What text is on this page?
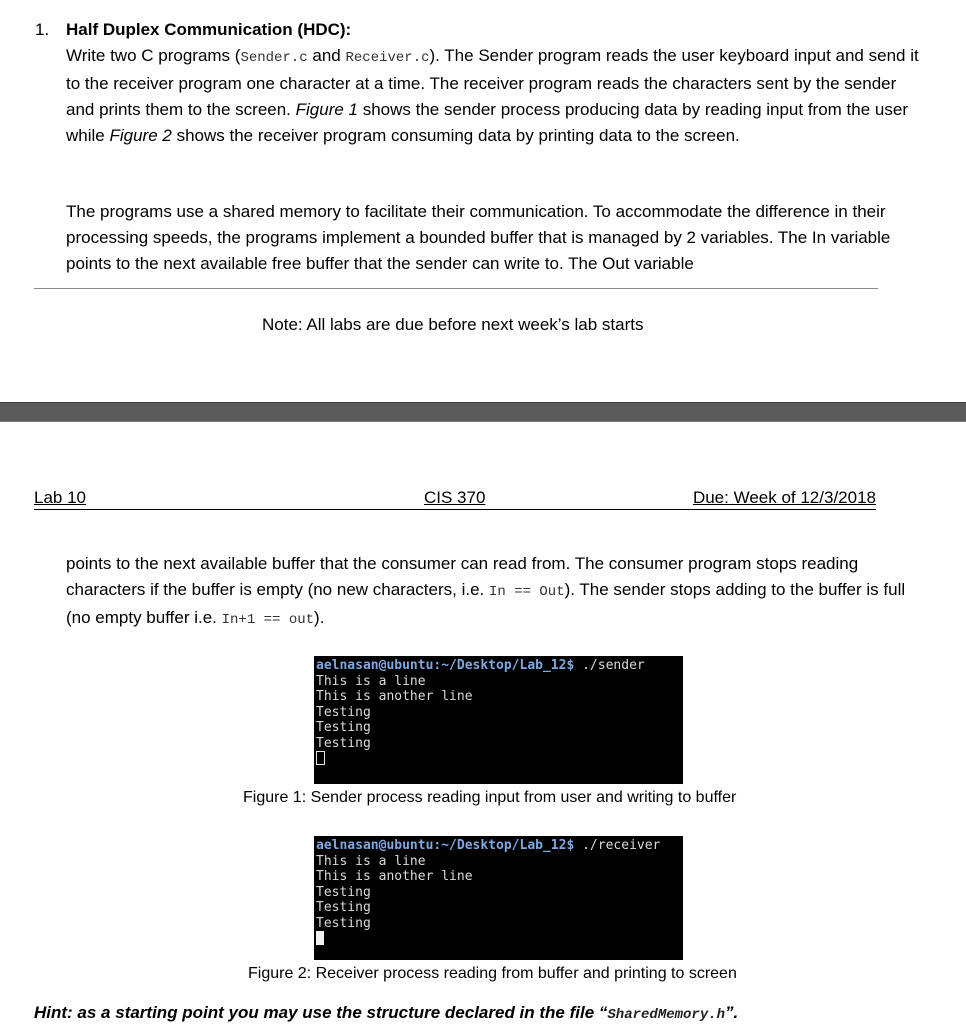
1. Half Duplex Communication (HDC):
Write two C programs (Sender.c and Receiver.c). The Sender program reads the user keyboard input and send it to the receiver program one character at a time. The receiver program reads the characters sent by the sender and prints them to the screen. Figure 1 shows the sender process producing data by reading input from the user while Figure 2 shows the receiver program consuming data by printing data to the screen.
The programs use a shared memory to facilitate their communication. To accommodate the difference in their processing speeds, the programs implement a bounded buffer that is managed by 2 variables. The In variable points to the next available free buffer that the sender can write to. The Out variable
Note: All labs are due before next week’s lab starts
Lab 10	CIS 370	Due: Week of 12/3/2018
points to the next available buffer that the consumer can read from. The consumer program stops reading characters if the buffer is empty (no new characters, i.e. In == Out). The sender stops adding to the buffer is full (no empty buffer i.e. In+1 == out).
aelnasan@ubuntu:~/Desktop/Lab_12$ ./sender
This is a line
This is another line
Testing
Testing
Testing
Figure 1: Sender process reading input from user and writing to buffer
aelnasan@ubuntu:~/Desktop/Lab_12$ ./receiver
This is a line
This is another line
Testing
Testing
Testing
Figure 2: Receiver process reading from buffer and printing to screen
Hint: as a starting point you may use the structure declared in the file “SharedMemory.h”.
